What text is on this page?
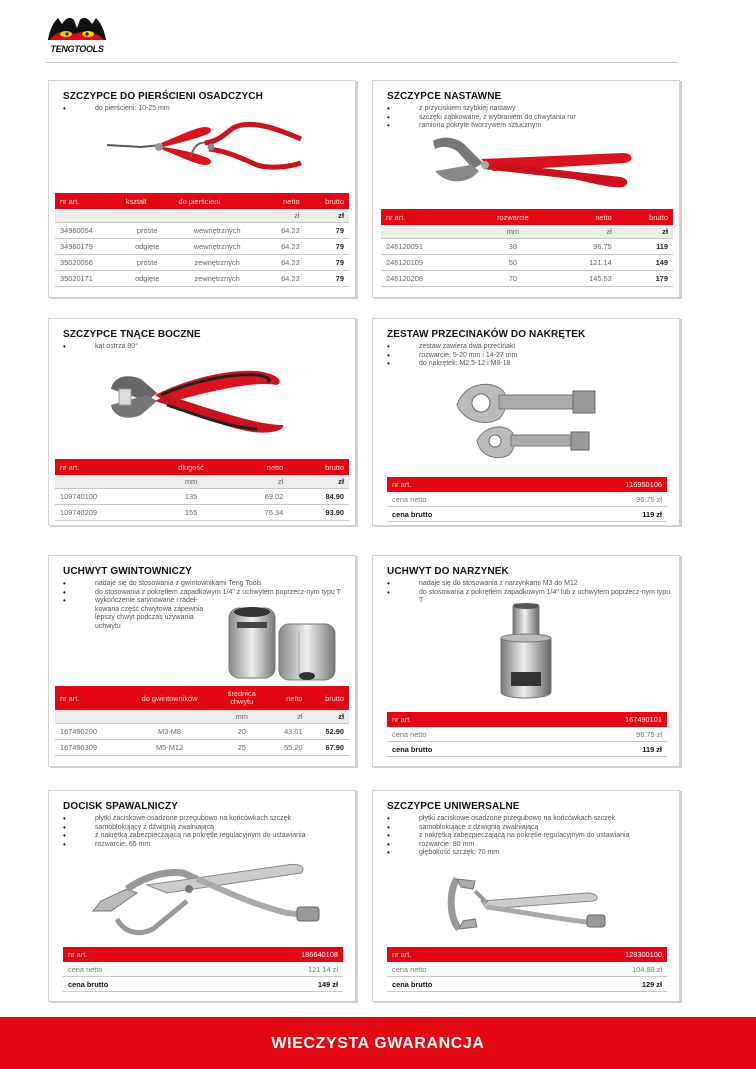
TENGTOOLS
SZCZYPCE DO PIERŚCIENI OSADCZYCH
• do pierścieni: 10-25 mm
nr art.	kształt	do pierścieni	netto	brutto
			zł	zł
34960054	proste	wewnętrznych	64.23	79
34960179	odgięte	wewnętrznych	64.23	79
35020056	proste	zewnętrznych	64.23	79
35020171	odgięte	zewnętrznych	64.23	79
SZCZYPCE NASTAWNE
• z przyciskiem szybkiej nastawy
• szczęki ząbkowane, z wybraniem do chwytania rur
• ramiona pokryte tworzywem sztucznym
nr art.	rozwarcie	netto	brutto
	mm	zł	zł
246120091	38	96.75	119
246120109	50	121.14	149
246120208	70	145.53	179
SZCZYPCE TNĄCE BOCZNE
• kąt ostrza 80°
nr art.	długość	netto	brutto
	mm	zł	zł
109740100	135	69.02	84.90
109740209	155	76.34	93.90
ZESTAW PRZECINAKÓW DO NAKRĘTEK
• zestaw zawiera dwa przecinaki
• rozwarcie: 5-20 mm i 14-27 mm
• do nakrętek: M2.5-12 i M8-18
nr art.	116950106
cena netto	96.75 zł
cena brutto	119 zł
UCHWYT GWINTOWNICZY
• nadaje się do stosowania z gwintownikami Teng Tools
• do stosowania z pokrętłem zapadkowym 1/4" z uchwytem poprzecz-nym typu T
• wykończenie satynowane i radeł-kowana część chwytowa zapewnia lepszy chwyt podczas używania uchwytu
nr art.	do gwintowników	średnica chwytu	netto	brutto
		mm	zł	zł
167490200	M3-M8	20	43.01	52.90
167490309	M5-M12	25	55.20	67.90
UCHWYT DO NARZYNEK
• nadaje się do stosowania z narzynkami M3 do M12
• do stosowania z pokrętłem zapadkowym 1/4" lub z uchwytem poprzecz-nym typu T
nr art.	167490101
cena netto	96.75 zł
cena brutto	119 zł
DOCISK SPAWALNICZY
• płytki zaciskowe osadzone przegubowo na końcówkach szczęk
• samoblokujący z dźwignią zwalniającą
• z nakrętką zabezpieczającą na pokrętle regulacyjnym do ustawiania
• rozwarcie: 65 mm
nr art.	186640108
cena netto	121.14 zł
cena brutto	149 zł
SZCZYPCE UNIWERSALNE
• płytki zaciskowe osadzone przegubowo na końcówkach szczęk
• samoblokujące z dźwignią zwalniającą
• z nakrętką zabezpieczającą na pokrętle regulacyjnym do ustawiania
• rozwarcie: 80 mm
• głębokość szczęk: 70 mm
nr art.	128300100
cena netto	104.88 zł
cena brutto	129 zł
WIECZYSTA GWARANCJA
